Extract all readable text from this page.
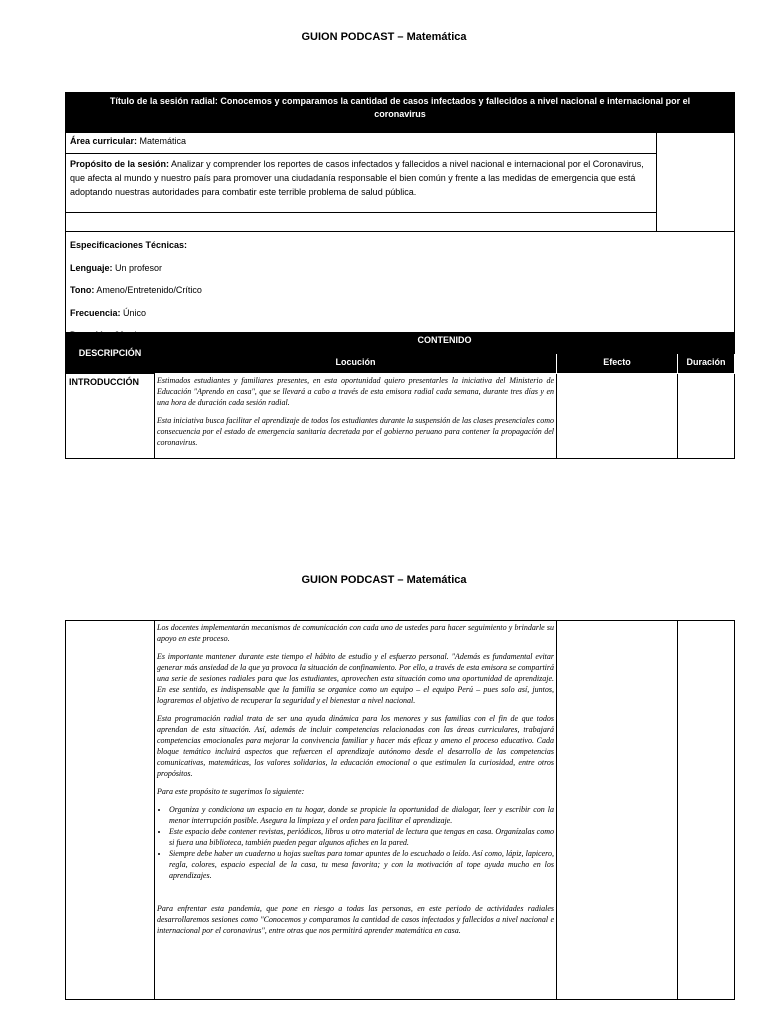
GUION PODCAST – Matemática
Título de la sesión radial: Conocemos y comparamos la cantidad de casos infectados y fallecidos a nivel nacional e internacional por el coronavirus
Área curricular: Matemática	
Propósito de la sesión: Analizar y comprender los reportes de casos infectados y fallecidos a nivel nacional e internacional por el Coronavirus, que afecta al mundo y nuestro país para promover una ciudadanía responsable el bien común y frente a las medidas de emergencia que está adoptando nuestras autoridades para combatir este terrible problema de salud pública.

Especificaciones Técnicas:
Lenguaje: Un profesor
Tono: Ameno/Entretenido/Crítico
Frecuencia: Único
DESCRIPCIÓN	CONTENIDO		
	Locución	Efecto	Duración
INTRODUCCIÓN	Estimados estudiantes y familiares presentes, en esta oportunidad quiero presentarles la iniciativa del Ministerio de Educación "Aprendo en casa", que se llevará a cabo a través de esta emisora radial cada semana, durante tres días y en una hora de duración cada sesión radial.

Esta iniciativa busca facilitar el aprendizaje de todos los estudiantes durante la suspensión de las clases presenciales como consecuencia por el estado de emergencia sanitaria decretada por el gobierno peruano para contener la propagación del coronavirus.		

GUION PODCAST – Matemática

Los docentes implementarán mecanismos de comunicación con cada uno de ustedes para hacer seguimiento y brindarle su apoyo en este proceso.

Es importante mantener durante este tiempo el hábito de estudio y el esfuerzo personal. "Además es fundamental evitar generar más ansiedad de la que ya provoca la situación de confinamiento. Por ello, a través de esta emisora se compartirá una serie de sesiones radiales para que los estudiantes, aprovechen esta situación como una oportunidad de aprendizaje. En ese sentido, es indispensable que la familia se organice como un equipo – el equipo Perú – pues solo así, juntos, lograremos el objetivo de recuperar la seguridad y el bienestar a nivel nacional.

Esta programación radial trata de ser una ayuda dinámica para los menores y sus familias con el fin de que todos aprendan de esta situación. Así, además de incluir competencias relacionadas con las áreas curriculares, trabajará competencias emocionales para mejorar la convivencia familiar y hacer más eficaz y ameno el proceso educativo. Cada bloque temático incluirá aspectos que refuercen el aprendizaje autónomo desde el desarrollo de las competencias comunicativas, matemáticas, los valores solidarios, la educación emocional o que estimulen la curiosidad, entre otros propósitos.

Para este propósito te sugerimos lo siguiente:

• Organiza y condiciona un espacio en tu hogar, donde se propicie la oportunidad de dialogar, leer y escribir con la menor interrupción posible. Asegura la limpieza y el orden para facilitar el aprendizaje.
• Este espacio debe contener revistas, periódicos, libros u otro material de lectura que tengas en casa. Organízalas como si fuera una biblioteca, también pueden pegar algunos afiches en la pared.
• Siempre debe haber un cuaderno u hojas sueltas para tomar apuntes de lo escuchado o leído. Así como, lápiz, lapicero, regla, colores, espacio especial de la casa, tu mesa favorita; y con la motivación al tope ayuda mucho en los aprendizajes.

Para enfrentar esta pandemia, que pone en riesgo a todas las personas, en este periodo de actividades radiales desarrollaremos sesiones como "Conocemos y comparamos la cantidad de casos infectados y fallecidos a nivel nacional e internacional por el coronavirus", entre otras que nos permitirá aprender matemática en casa.
